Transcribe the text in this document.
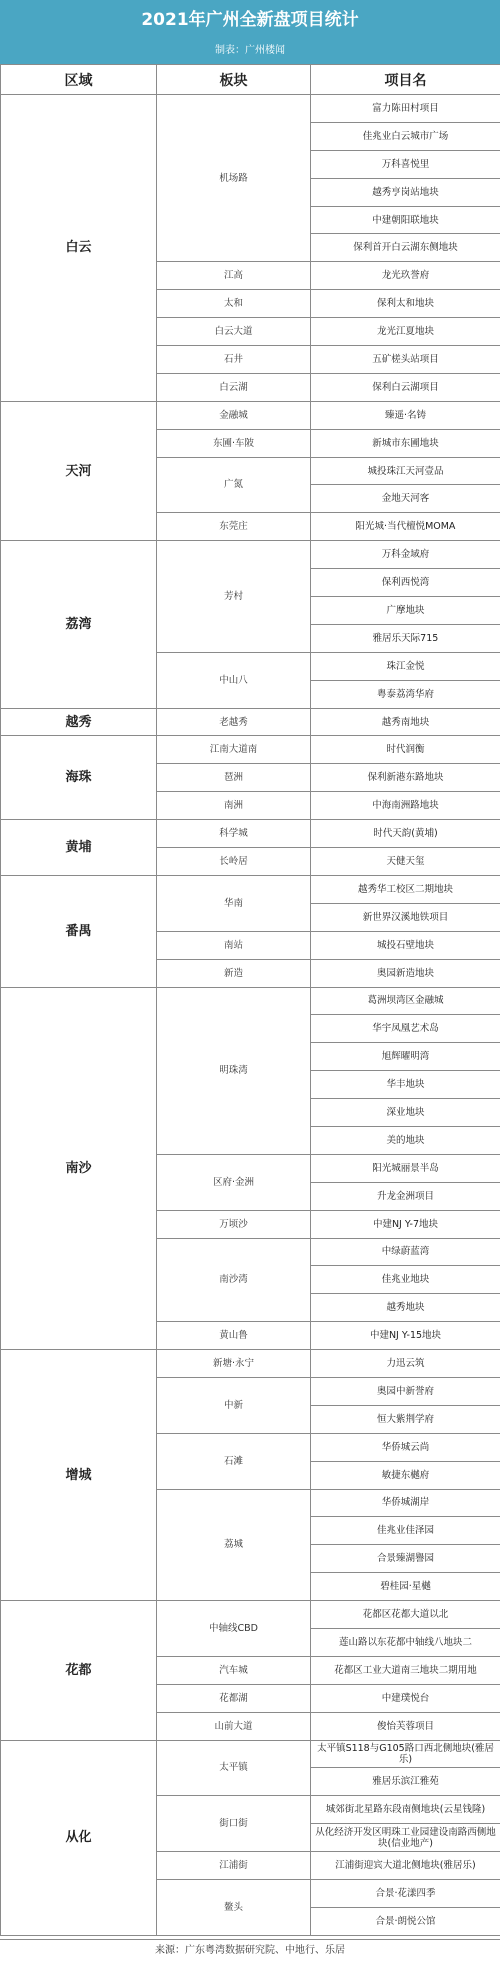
2021年广州全新盘项目统计
制表：广州楼闻
区域	板块	项目名
白云	机场路	富力陈田村项目
		佳兆业白云城市广场
		万科喜悦里
		越秀亨岗站地块
		中建朝阳联地块
		保利首开白云湖东侧地块
	江高	龙光玖誉府
	太和	保利太和地块
	白云大道	龙光江夏地块
	石井	五矿槎头站项目
	白云湖	保利白云湖项目
天河	金融城	臻遥·名铸
	东圃·车陂	新城市东圃地块
	广氮	城投珠江天河壹品
		金地天河客
	东莞庄	阳光城·当代檀悦MOMA
荔湾	芳村	万科金域府
		保利西悦湾
		广摩地块
		雅居乐天际715
	中山八	珠江金悦
		粤泰荔湾华府
越秀	老越秀	越秀南地块
海珠	江南大道南	时代润衡
	琶洲	保利新港东路地块
	南洲	中海南洲路地块
黄埔	科学城	时代天韵(黄埔)
	长岭居	天健天玺
番禺	华南	越秀华工校区二期地块
		新世界汉溪地铁项目
	南站	城投石壁地块
	新造	奥园新造地块
南沙	明珠湾	葛洲坝湾区金融城
		华宇凤凰艺术岛
		旭辉曜明湾
		华丰地块
		深业地块
		美的地块
	区府·金洲	阳光城丽景半岛
		升龙金洲项目
	万顷沙	中建NJ Y-7地块
	南沙湾	中绿蔚蓝湾
		佳兆业地块
		越秀地块
	黄山鲁	中建NJ Y-15地块
增城	新塘·永宁	力迅云筑
	中新	奥园中新誉府
		恒大紫荆学府
	石滩	华侨城云尚
		敏捷东樾府
	荔城	华侨城湖岸
		佳兆业佳泽园
		合景臻湖譽园
		碧桂园·星樾
花都	中轴线CBD	花都区花都大道以北
		莲山路以东花都中轴线八地块二
	汽车城	花都区工业大道南三地块二期用地
	花都湖	中建璞悦台
	山前大道	俊怡芙蓉项目
从化	太平镇	太平镇S118与G105路口西北侧地块(雅居乐)
		雅居乐滨江雅苑
	街口街	城郊街北星路东段南侧地块(云星钱隆)
		从化经济开发区明珠工业园建设南路西侧地块(信业地产)
	江浦街	江浦街迎宾大道北侧地块(雅居乐)
	鳌头	合景·花漾四季
		合景·朗悦公馆
来源：广东粤湾数据研究院、中地行、乐居
